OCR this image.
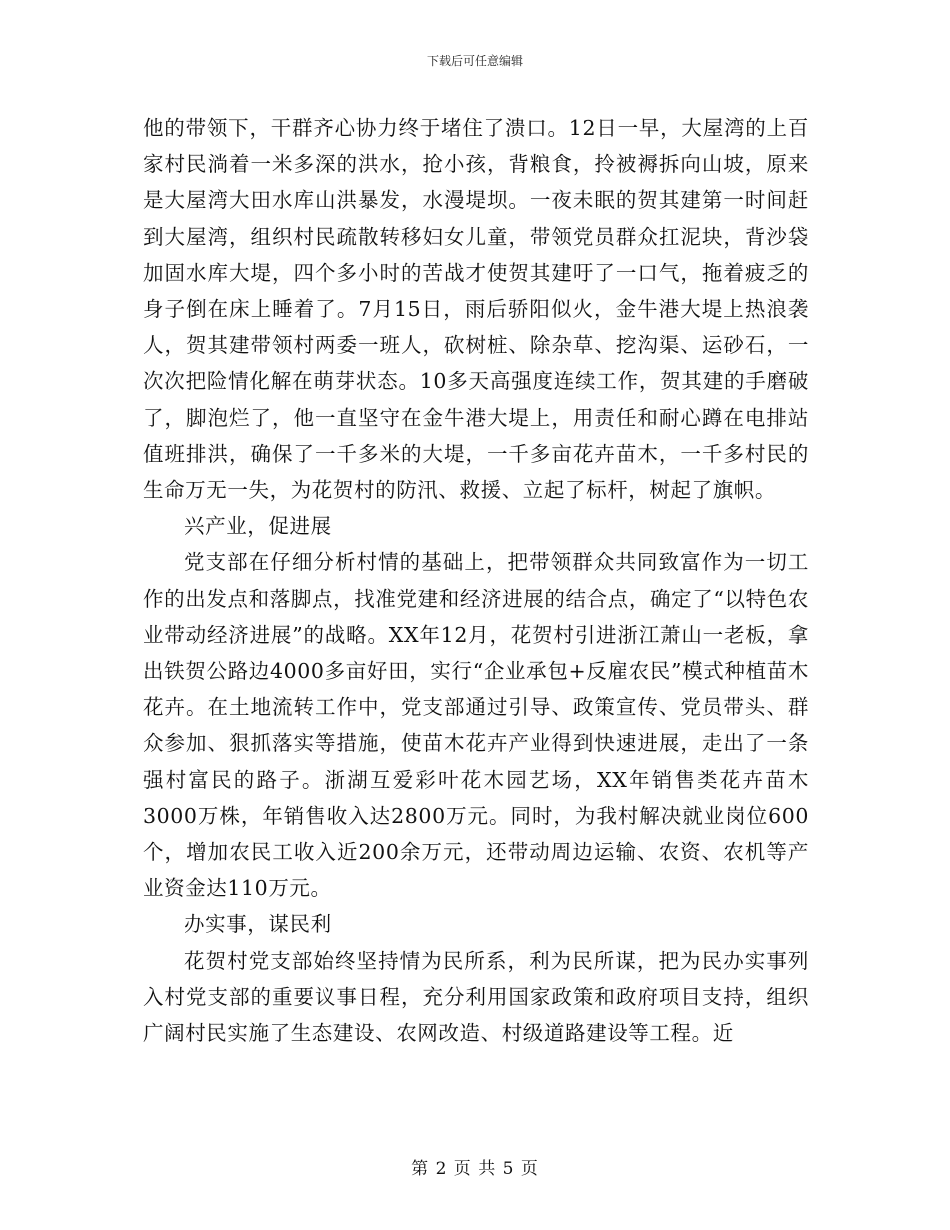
下载后可任意编辑

他的带领下，干群齐心协力终于堵住了溃口。12日一早，大屋湾的上百家村民淌着一米多深的洪水，抢小孩，背粮食，拎被褥拆向山坡，原来是大屋湾大田水库山洪暴发，水漫堤坝。一夜未眠的贺其建第一时间赶到大屋湾，组织村民疏散转移妇女儿童，带领党员群众扛泥块，背沙袋加固水库大堤，四个多小时的苦战才使贺其建吁了一口气，拖着疲乏的身子倒在床上睡着了。7月15日，雨后骄阳似火，金牛港大堤上热浪袭人，贺其建带领村两委一班人，砍树桩、除杂草、挖沟渠、运砂石，一次次把险情化解在萌芽状态。10多天高强度连续工作，贺其建的手磨破了，脚泡烂了，他一直坚守在金牛港大堤上，用责任和耐心蹲在电排站值班排洪，确保了一千多米的大堤，一千多亩花卉苗木，一千多村民的生命万无一失，为花贺村的防汛、救援、立起了标杆，树起了旗帜。

兴产业，促进展

党支部在仔细分析村情的基础上，把带领群众共同致富作为一切工作的出发点和落脚点，找准党建和经济进展的结合点，确定了“以特色农业带动经济进展”的战略。XX年12月，花贺村引进浙江萧山一老板，拿出铁贺公路边4000多亩好田，实行“企业承包+反雇农民”模式种植苗木花卉。在土地流转工作中，党支部通过引导、政策宣传、党员带头、群众参加、狠抓落实等措施，使苗木花卉产业得到快速进展，走出了一条强村富民的路子。浙湖互爱彩叶花木园艺场，XX年销售类花卉苗木3000万株，年销售收入达2800万元。同时，为我村解决就业岗位600个，增加农民工收入近200余万元，还带动周边运输、农资、农机等产业资金达110万元。

办实事，谋民利

花贺村党支部始终坚持情为民所系，利为民所谋，把为民办实事列入村党支部的重要议事日程，充分利用国家政策和政府项目支持，组织广阔村民实施了生态建设、农网改造、村级道路建设等工程。近

第 2 页 共 5 页
